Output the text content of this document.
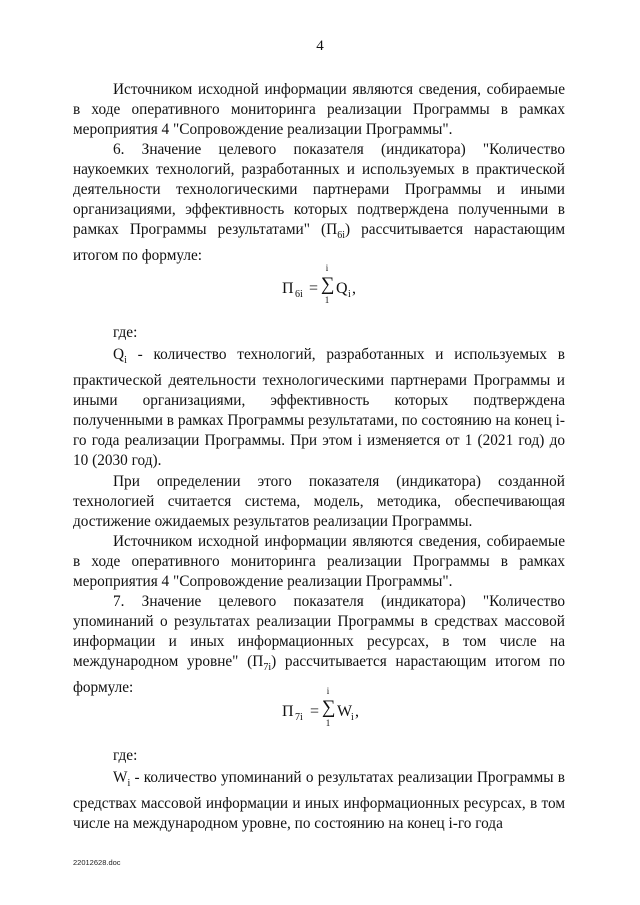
4

Источником исходной информации являются сведения, собираемые в ходе оперативного мониторинга реализации Программы в рамках мероприятия 4 "Сопровождение реализации Программы".

6. Значение целевого показателя (индикатора) "Количество наукоемких технологий, разработанных и используемых в практической деятельности технологическими партнерами Программы и иными организациями, эффективность которых подтверждена полученными в рамках Программы результатами" $(П_{6i})$ рассчитывается нарастающим итогом по формуле:

П 6i =
i
∑
1
Q i ,

где:

$Q_i$ - количество технологий, разработанных и используемых в практической деятельности технологическими партнерами Программы и иными организациями, эффективность которых подтверждена полученными в рамках Программы результатами, по состоянию на конец i-го года реализации Программы. При этом i изменяется от 1 (2021 год) до 10 (2030 год).

При определении этого показателя (индикатора) созданной технологией считается система, модель, методика, обеспечивающая достижение ожидаемых результатов реализации Программы.

Источником исходной информации являются сведения, собираемые в ходе оперативного мониторинга реализации Программы в рамках мероприятия 4 "Сопровождение реализации Программы".

7. Значение целевого показателя (индикатора) "Количество упоминаний о результатах реализации Программы в средствах массовой информации и иных информационных ресурсах, в том числе на международном уровне" $(П_{7i})$ рассчитывается нарастающим итогом по формуле:

П 7i =
i
∑
1
W
i ,

где:

$W_i$ - количество упоминаний о результатах реализации Программы в средствах массовой информации и иных информационных ресурсах, в том числе на международном уровне, по состоянию на конец i-го года

22012628.doc
